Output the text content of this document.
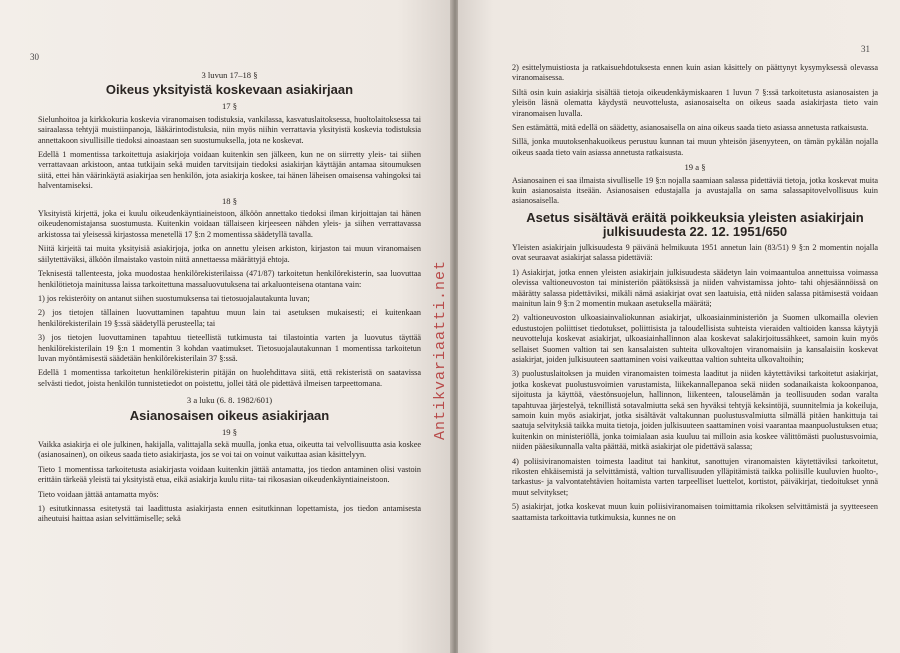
30
3 luvun 17–18 §
Oikeus yksityistä koskevaan asiakirjaan
17 §

Sielunhoitoa ja kirkkokuria koskevia viranomaisen todistuksia, vankilassa, kasvatuslaitoksessa, huoltolaitoksessa tai sairaalassa tehtyjä muistiinpanoja, lääkärintodistuksia, niin myös niihin verrattavia yksityistä koskevia todistuksia annettakoon sivullisille tiedoksi ainoastaan sen suostumuksella, jota ne koskevat.

Edellä 1 momentissa tarkoitettuja asiakirjoja voidaan kuitenkin sen jälkeen, kun ne on siirretty yleis- tai siihen verrattavaan arkistoon, antaa tutkijain sekä muiden tarvitsijain tiedoksi asiakirjan käyttäjän antamaa sitoumuksen siitä, ettei hän väärinkäytä asiakirjaa sen henkilön, jota asiakirja koskee, tai hänen läheisen omaisensa vahingoksi tai halventamiseksi.

18 §

Yksityistä kirjettä, joka ei kuulu oikeudenkäyntiaineistoon, älköön annettako tiedoksi ilman kirjoittajan tai hänen oikeudenomistajansa suostumusta. Kuitenkin voidaan tällaiseen kirjeeseen nähden yleis- ja siihen verrattavassa arkistossa tai yleisessä kirjastossa menetellä 17 §:n 2 momentissa säädetyllä tavalla.

Niitä kirjeitä tai muita yksityisiä asiakirjoja, jotka on annettu yleisen arkiston, kirjaston tai muun viranomaisen säilytettäväksi, älköön ilmaistako vastoin niitä annettaessa määrättyjä ehtoja.

Teknisestä tallenteesta, joka muodostaa henkilörekisterilaissa (471/87) tarkoitetun henkilörekisterin, saa luovuttaa henkilötietoja mainitussa laissa tarkoitettuna massaluovutuksena tai arkaluonteisena otantana vain:

1) jos rekisteröity on antanut siihen suostumuksensa tai tietosuojalautakunta luvan;

2) jos tietojen tällainen luovuttaminen tapahtuu muun lain tai asetuksen mukaisesti; ei kuitenkaan henkilörekisterilain 19 §:ssä säädetyllä perusteella; tai

3) jos tietojen luovuttaminen tapahtuu tieteellistä tutkimusta tai tilastointia varten ja luovutus täyttää henkilörekisterilain 19 §:n 1 momentin 3 kohdan vaatimukset. Tietosuojalautakunnan 1 momentissa tarkoitetun luvan myöntämisestä säädetään henkilörekisterilain 37 §:ssä.

Edellä 1 momentissa tarkoitetun henkilörekisterin pitäjän on huolehdittava siitä, että rekisteristä on saatavissa selvästi tiedot, joista henkilön tunnistetiedot on poistettu, jollei tätä ole pidettävä ilmeisen tarpeettomana.

3 a luku (6. 8. 1982/601)
Asianosaisen oikeus asiakirjaan
19 §

Vaikka asiakirja ei ole julkinen, hakijalla, valittajalla sekä muulla, jonka etua, oikeutta tai velvollisuutta asia koskee (asianosainen), on oikeus saada tieto asiakirjasta, jos se voi tai on voinut vaikuttaa asian käsittelyyn.

Tieto 1 momentissa tarkoitetusta asiakirjasta voidaan kuitenkin jättää antamatta, jos tiedon antaminen olisi vastoin erittäin tärkeää yleistä tai yksityistä etua, eikä asiakirja kuulu riita- tai rikosasian oikeudenkäyntiaineistoon.

Tieto voidaan jättää antamatta myös:

1) esitutkinnassa esitetystä tai laadittusta asiakirjasta ennen esitutkinnan lopettamista, jos tiedon antamisesta aiheutuisi haittaa asian selvittämiselle; sekä

31

2) esittelymuistiosta ja ratkaisuehdotuksesta ennen kuin asian käsittely on päättynyt kysymyksessä olevassa viranomaisessa.

Siltä osin kuin asiakirja sisältää tietoja oikeudenkäymiskaaren 1 luvun 7 §:ssä tarkoitetusta asianosaisten ja yleisön läsnä olematta käydystä neuvottelusta, asianosaiselta on oikeus saada asiakirjasta tieto vain viranomaisen luvalla.

Sen estämättä, mitä edellä on säädetty, asianosaisella on aina oikeus saada tieto asiassa annetusta ratkaisusta.

Sillä, jonka muutoksenhakuoikeus perustuu kunnan tai muun yhteisön jäsenyyteen, on tämän pykälän nojalla oikeus saada tieto vain asiassa annetusta ratkaisusta.

19 a §

Asianosainen ei saa ilmaista sivulliselle 19 §:n nojalla saamiaan salassa pidettäviä tietoja, jotka koskevat muita kuin asianosaista itseään. Asianosaisen edustajalla ja avustajalla on sama salassapitovelvollisuus kuin asianosaisella.

Asetus sisältävä eräitä poikkeuksia yleisten asiakirjain julkisuudesta 22. 12. 1951/650

Yleisten asiakirjain julkisuudesta 9 päivänä helmikuuta 1951 annetun lain (83/51) 9 §:n 2 momentin nojalla ovat seuraavat asiakirjat salassa pidettäviä:

1) Asiakirjat, jotka ennen yleisten asiakirjain julkisuudesta säädetyn lain voimaantuloa annettuissa voimassa olevissa valtioneuvoston tai ministeriön päätöksissä ja niiden vahvistamissa johto- tahi ohjesäännöissä on määrätty salassa pidettäviksi, mikäli nämä asiakirjat ovat sen laatuisia, että niiden salassa pitämisestä voidaan mainitun lain 9 §:n 2 momentin mukaan asetuksella määrätä;

2) valtioneuvoston ulkoasiainvaliokunnan asiakirjat, ulkoasiainministeriön ja Suomen ulkomailla olevien edustustojen poliittiset tiedotukset, poliittisista ja taloudellisista suhteista vieraiden valtioiden kanssa käytyjä neuvotteluja koskevat asiakirjat, ulkoasiainhallinnon alaa koskevat salakirjoitussähkeet, samoin kuin myös sellaiset Suomen valtion tai sen kansalaisten suhteita ulkovaltojen viranomaisiin ja kansalaisiin koskevat asiakirjat, joiden julkisuuteen saattaminen voisi vaikeuttaa valtion suhteita ulkovaltoihin;

3) puolustuslaitoksen ja muiden viranomaisten toimesta laaditut ja niiden käytettäviksi tarkoitetut asiakirjat, jotka koskevat puolustusvoimien varustamista, liikekannallepanoa sekä niiden sodanaikaista kokoonpanoa, sijoitusta ja käyttöä, väestönsuojelun, hallinnon, liikenteen, talouselämän ja teollisuuden sodan varalta tapahtuvaa järjestelyä, teknillistä sotavalmiutta sekä sen hyväksi tehtyjä keksintöjä, suunnitelmia ja kokeiluja, samoin kuin myös asiakirjat, jotka sisältävät valtakunnan puolustusvalmiutta silmällä pitäen hankittuja tai saatuja selvityksiä taikka muita tietoja, joiden julkisuuteen saattaminen voisi vaarantaa maanpuolustuksen etua; kuitenkin on ministeriöllä, jonka toimialaan asia kuuluu tai milloin asia koskee välittömästi puolustusvoimia, niiden pääesikunnalla valta päättää, mitkä asiakirjat ole pidettävä salassa;

4) poliisiviranomaisten toimesta laaditut tai hankitut, sanottujen viranomaisten käytettäviksi tarkoitetut, rikosten ehkäisemistä ja selvittämistä, valtion turvallisuuden ylläpitämistä taikka poliisille kuuluvien huolto-, tarkastus- ja valvontatehtävien hoitamista varten tarpeelliset luettelot, kortistot, päiväkirjat, tiedoitukset ynnä muut selvitykset;

5) asiakirjat, jotka koskevat muun kuin poliisiviranomaisen toimittamia rikoksen selvittämistä ja syytteeseen saattamista tarkoittavia tutkimuksia, kunnes ne on

Antikvariaatti.net
